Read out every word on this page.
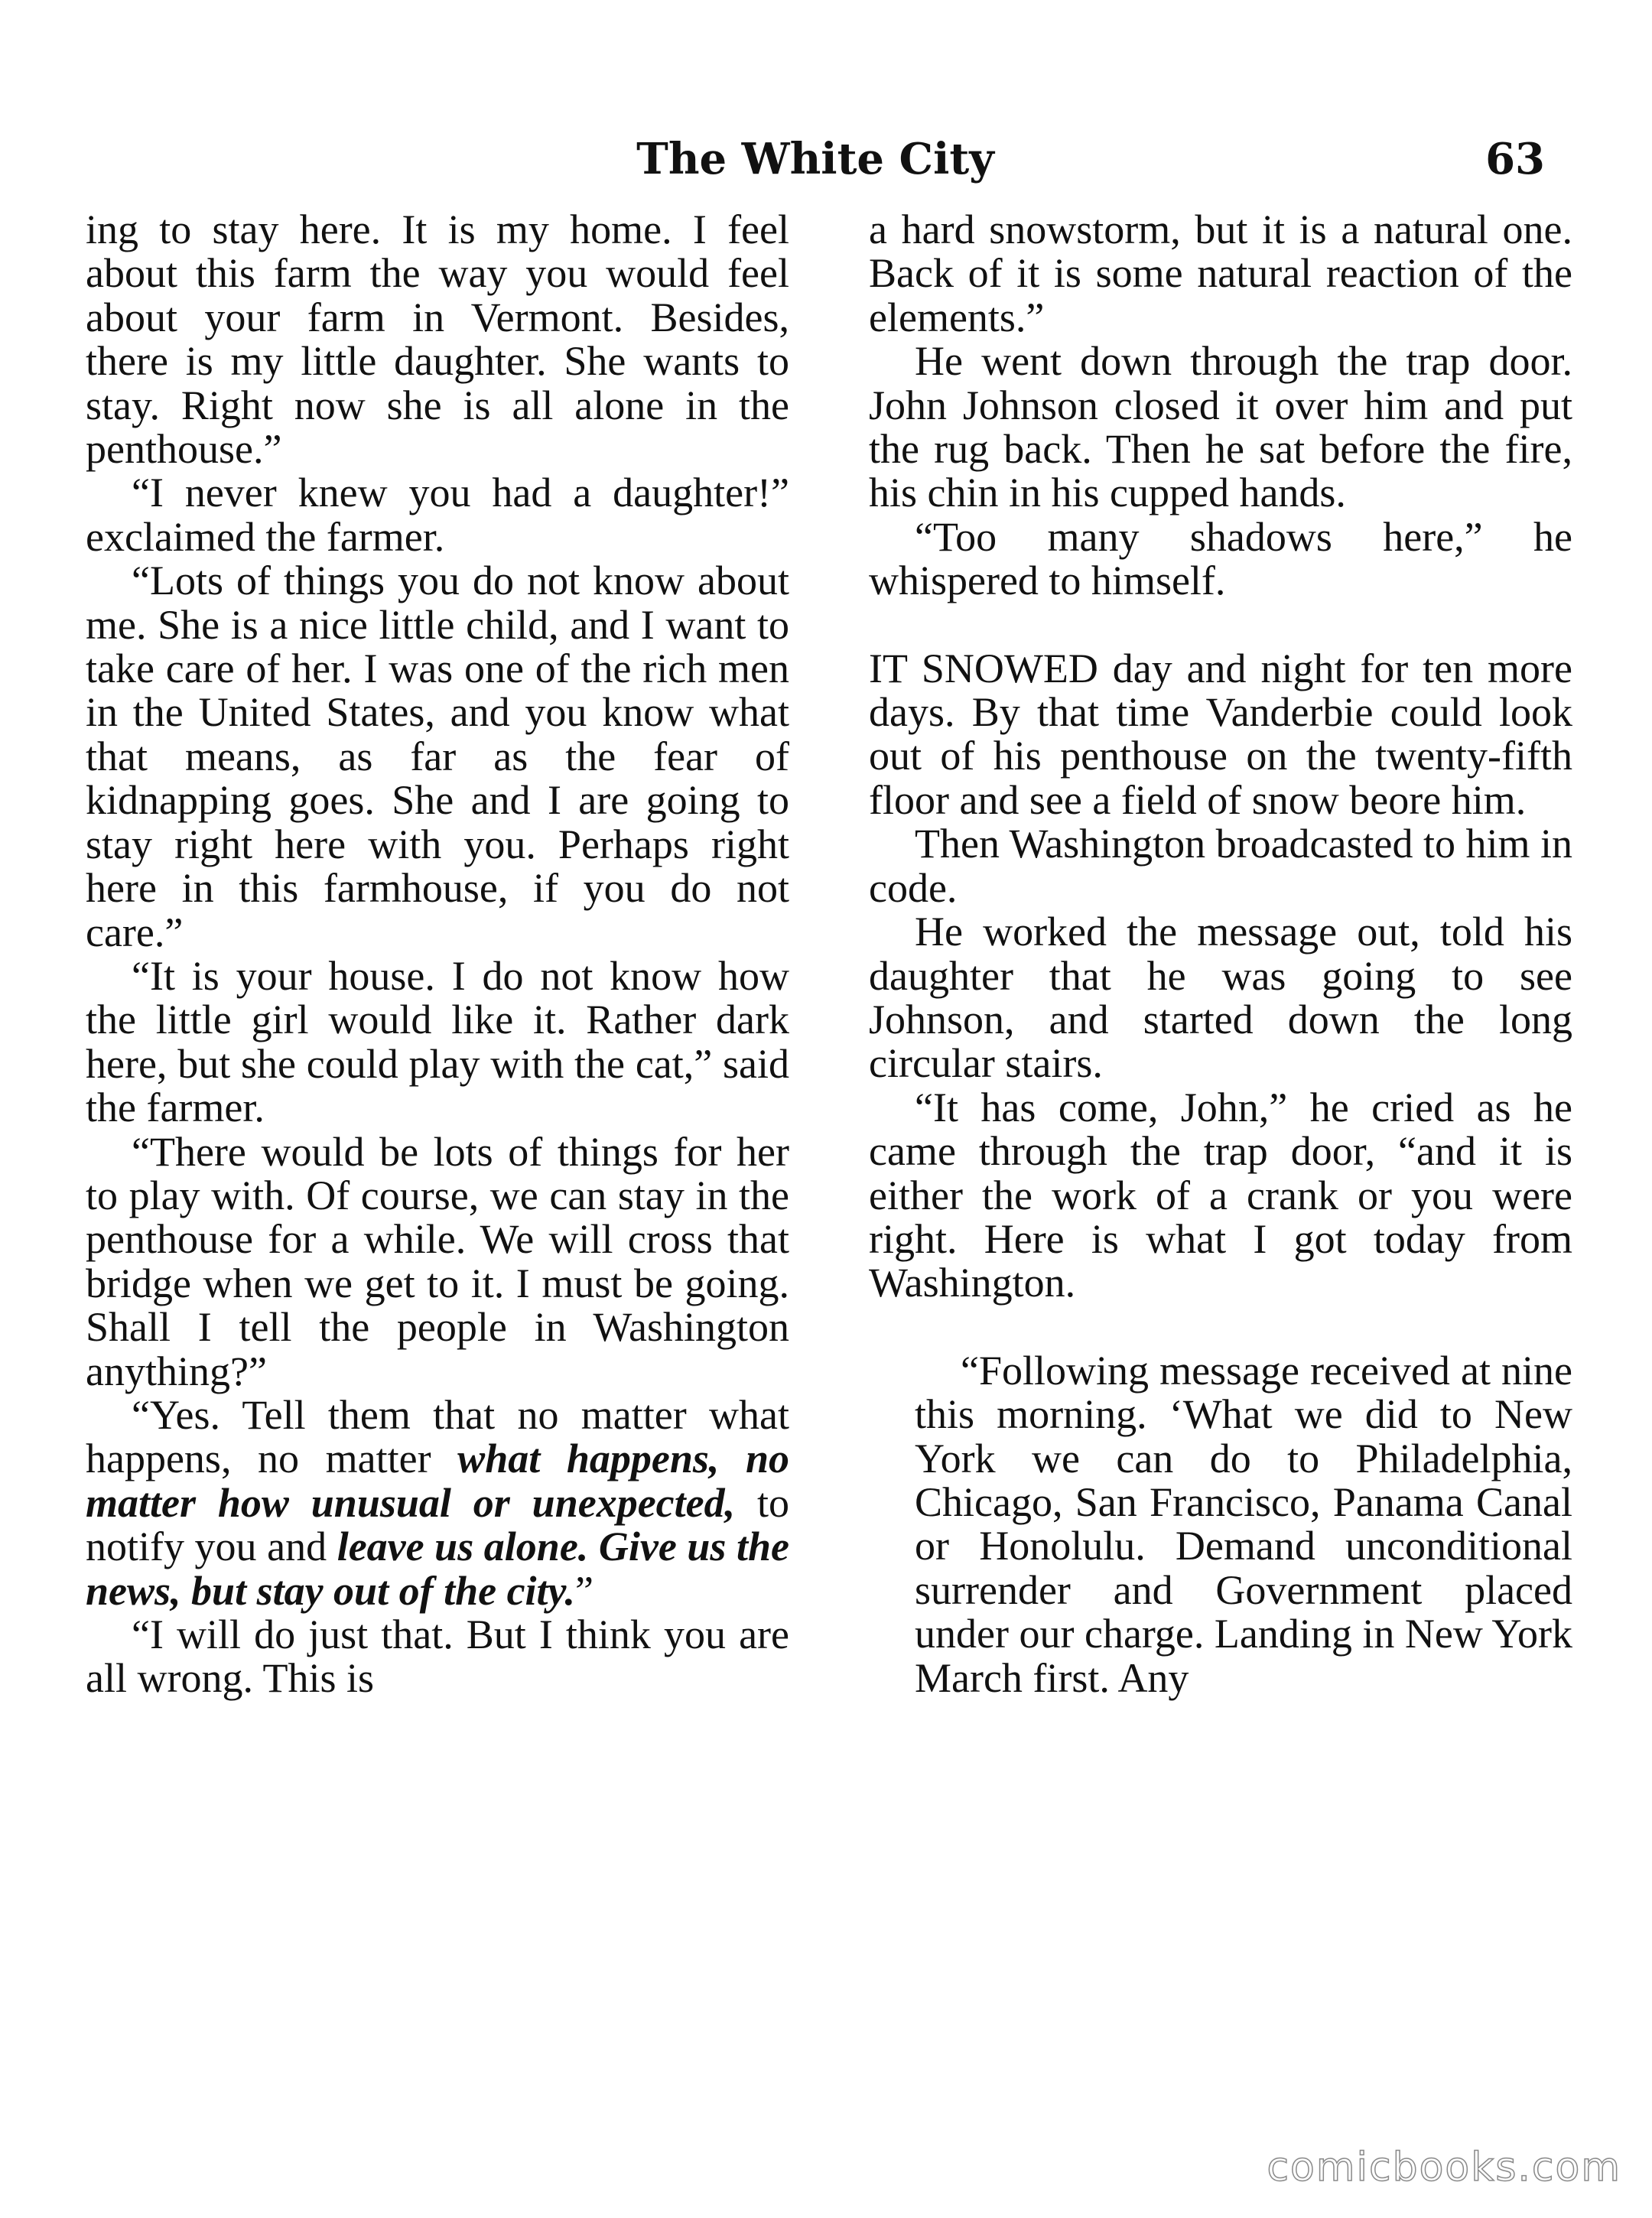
The White City	63

ing to stay here. It is my home. I feel about this farm the way you would feel about your farm in Vermont. Besides, there is my little daughter. She wants to stay. Right now she is all alone in the penthouse.”

“I never knew you had a daughter!” exclaimed the farmer.

“Lots of things you do not know about me. She is a nice little child, and I want to take care of her. I was one of the rich men in the United States, and you know what that means, as far as the fear of kidnapping goes. She and I are going to stay right here with you. Perhaps right here in this farmhouse, if you do not care.”

“It is your house. I do not know how the little girl would like it. Rather dark here, but she could play with the cat,” said the farmer.

“There would be lots of things for her to play with. Of course, we can stay in the penthouse for a while. We will cross that bridge when we get to it. I must be going. Shall I tell the people in Washington anything?”

“Yes. Tell them that no matter what happens, no matter what happens, no matter how unusual or unexpected, to notify you and leave us alone. Give us the news, but stay out of the city.”

“I will do just that. But I think you are all wrong. This is

a hard snowstorm, but it is a natural one. Back of it is some natural reaction of the elements.”

He went down through the trap door. John Johnson closed it over him and put the rug back. Then he sat before the fire, his chin in his cupped hands.

“Too many shadows here,” he whispered to himself.

IT SNOWED day and night for ten more days. By that time Vanderbie could look out of his penthouse on the twenty-fifth floor and see a field of snow beore him.

Then Washington broadcasted to him in code.

He worked the message out, told his daughter that he was going to see Johnson, and started down the long circular stairs.

“It has come, John,” he cried as he came through the trap door, “and it is either the work of a crank or you were right. Here is what I got today from Washington.

“Following message received at nine this morning. ‘What we did to New York we can do to Philadelphia, Chicago, San Francisco, Panama Canal or Honolulu. Demand unconditional surrender and Government placed under our charge. Landing in New York March first. Any

comicbooks.com
